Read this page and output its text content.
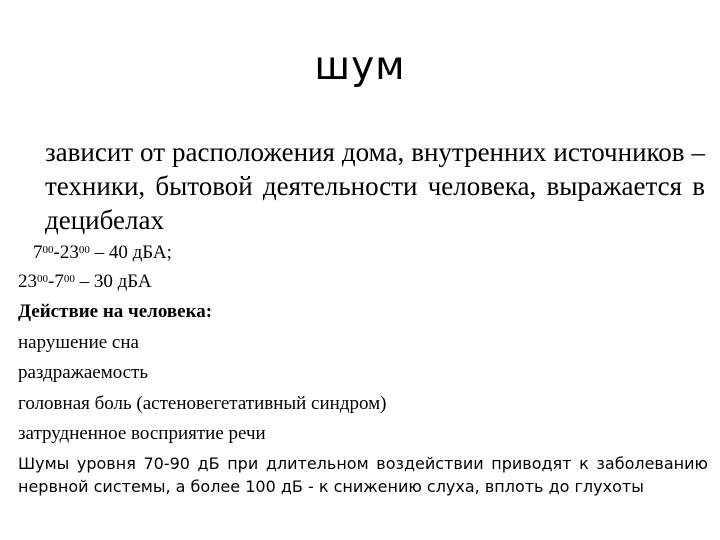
шум
зависит от расположения дома, внутренних источников – техники, бытовой деятельности человека, выражается в децибелах
$7^{00}-23^{00} - 40$ дБА;
$23^{00}-7^{00} - 30$ дБА
Действие на человека:
нарушение сна
раздражаемость
головная боль (астеновегетативный синдром)
затрудненное восприятие речи
Шумы уровня 70-90 дБ при длительном воздействии приводят к заболеванию нервной системы, а более 100 дБ - к снижению слуха, вплоть до глухоты
